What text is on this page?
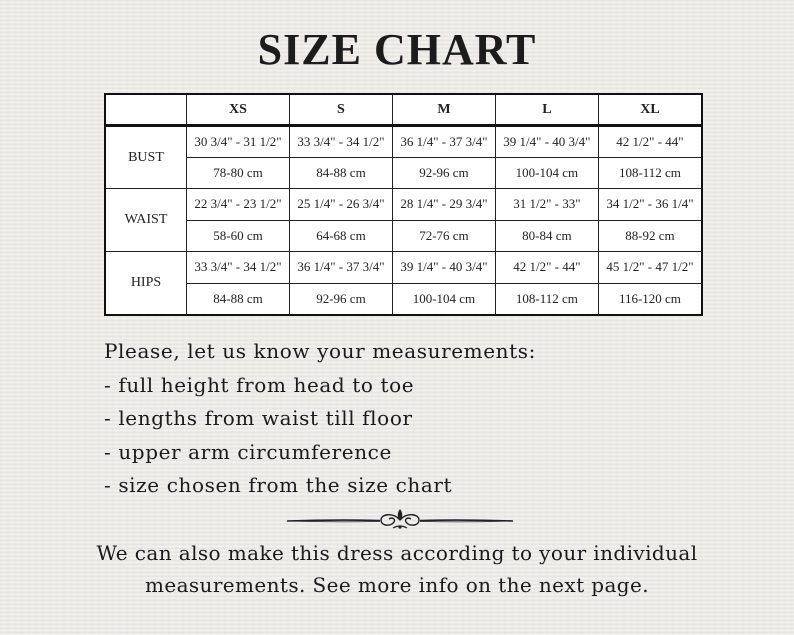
SIZE CHART
	XS	S	M	L	XL
BUST	30 3/4" - 31 1/2"	33 3/4" - 34 1/2"	36 1/4" - 37 3/4"	39 1/4" - 40 3/4"	42 1/2" - 44"
	78-80 cm	84-88 cm	92-96 cm	100-104 cm	108-112 cm
WAIST	22 3/4" - 23 1/2"	25 1/4" - 26 3/4"	28 1/4" - 29 3/4"	31 1/2" - 33"	34 1/2" - 36 1/4"
	58-60 cm	64-68 cm	72-76 cm	80-84 cm	88-92 cm
HIPS	33 3/4" - 34 1/2"	36 1/4" - 37 3/4"	39 1/4" - 40 3/4"	42 1/2" - 44"	45 1/2" - 47 1/2"
	84-88 cm	92-96 cm	100-104 cm	108-112 cm	116-120 cm
Please, let us know your measurements:
- full height from head to toe
- lengths from waist till floor
- upper arm circumference
- size chosen from the size chart
We can also make this dress according to your individual
measurements. See more info on the next page.
